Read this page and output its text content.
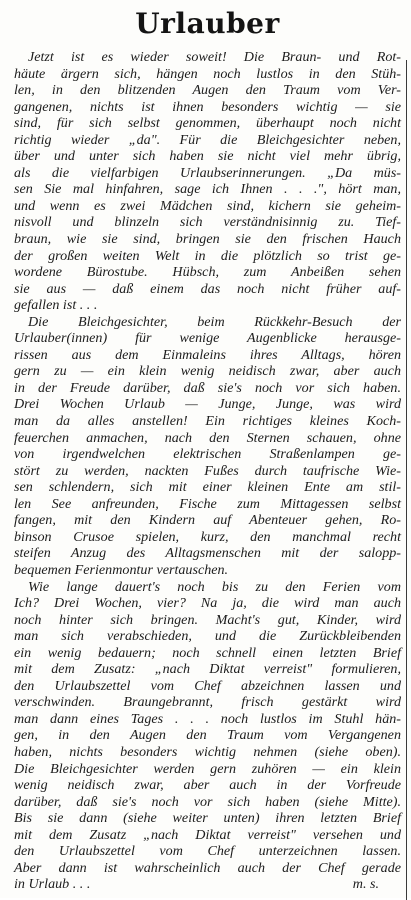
Urlauber
Jetzt ist es wieder soweit! Die Braun- und Rot-
häute ärgern sich, hängen noch lustlos in den Stüh-
len, in den blitzenden Augen den Traum vom Ver-
gangenen, nichts ist ihnen besonders wichtig — sie
sind, für sich selbst genommen, überhaupt noch nicht
richtig wieder „da". Für die Bleichgesichter neben,
über und unter sich haben sie nicht viel mehr übrig,
als die vielfarbigen Urlaubserinnerungen. „Da müs-
sen Sie mal hinfahren, sage ich Ihnen . . .", hört man,
und wenn es zwei Mädchen sind, kichern sie geheim-
nisvoll und blinzeln sich verständnisinnig zu. Tief-
braun, wie sie sind, bringen sie den frischen Hauch
der großen weiten Welt in die plötzlich so trist ge-
wordene Bürostube. Hübsch, zum Anbeißen sehen
sie aus — daß einem das noch nicht früher auf-
gefallen ist . . .
Die Bleichgesichter, beim Rückkehr-Besuch der
Urlauber(innen) für wenige Augenblicke herausge-
rissen aus dem Einmaleins ihres Alltags, hören
gern zu — ein klein wenig neidisch zwar, aber auch
in der Freude darüber, daß sie's noch vor sich haben.
Drei Wochen Urlaub — Junge, Junge, was wird
man da alles anstellen! Ein richtiges kleines Koch-
feuerchen anmachen, nach den Sternen schauen, ohne
von irgendwelchen elektrischen Straßenlampen ge-
stört zu werden, nackten Fußes durch taufrische Wie-
sen schlendern, sich mit einer kleinen Ente am stil-
len See anfreunden, Fische zum Mittagessen selbst
fangen, mit den Kindern auf Abenteuer gehen, Ro-
binson Crusoe spielen, kurz, den manchmal recht
steifen Anzug des Alltagsmenschen mit der salopp-
bequemen Ferienmontur vertauschen.
Wie lange dauert's noch bis zu den Ferien vom
Ich? Drei Wochen, vier? Na ja, die wird man auch
noch hinter sich bringen. Macht's gut, Kinder, wird
man sich verabschieden, und die Zurückbleibenden
ein wenig bedauern; noch schnell einen letzten Brief
mit dem Zusatz: „nach Diktat verreist" formulieren,
den Urlaubszettel vom Chef abzeichnen lassen und
verschwinden. Braungebrannt, frisch gestärkt wird
man dann eines Tages . . . noch lustlos im Stuhl hän-
gen, in den Augen den Traum vom Vergangenen
haben, nichts besonders wichtig nehmen (siehe oben).
Die Bleichgesichter werden gern zuhören — ein klein
wenig neidisch zwar, aber auch in der Vorfreude
darüber, daß sie's noch vor sich haben (siehe Mitte).
Bis sie dann (siehe weiter unten) ihren letzten Brief
mit dem Zusatz „nach Diktat verreist" versehen und
den Urlaubszettel vom Chef unterzeichnen lassen.
Aber dann ist wahrscheinlich auch der Chef gerade
in Urlaub . . .	m. s.
